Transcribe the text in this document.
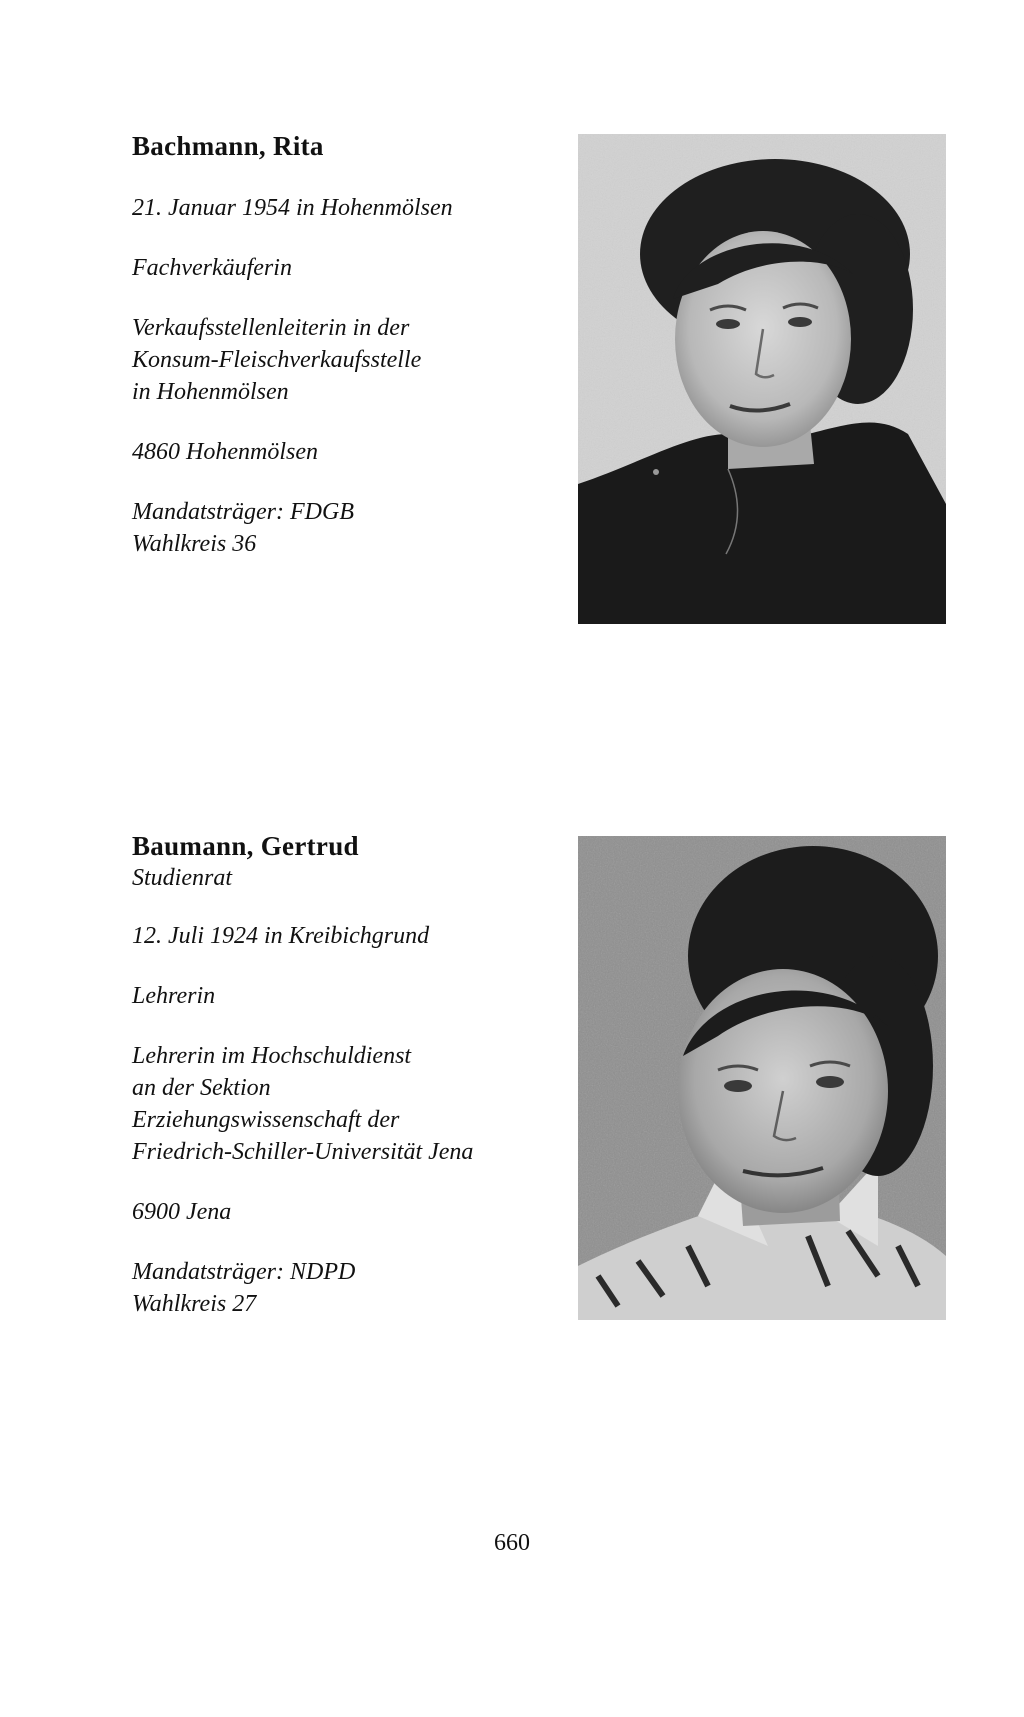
Bachmann, Rita

21. Januar 1954 in Hohenmölsen

Fachverkäuferin

Verkaufsstellenleiterin in der
Konsum-Fleischverkaufsstelle
in Hohenmölsen

4860 Hohenmölsen

Mandatsträger: FDGB
Wahlkreis 36

Baumann, Gertrud
Studienrat

12. Juli 1924 in Kreibichgrund

Lehrerin

Lehrerin im Hochschuldienst
an der Sektion
Erziehungswissenschaft der
Friedrich-Schiller-Universität Jena

6900 Jena

Mandatsträger: NDPD
Wahlkreis 27

660
